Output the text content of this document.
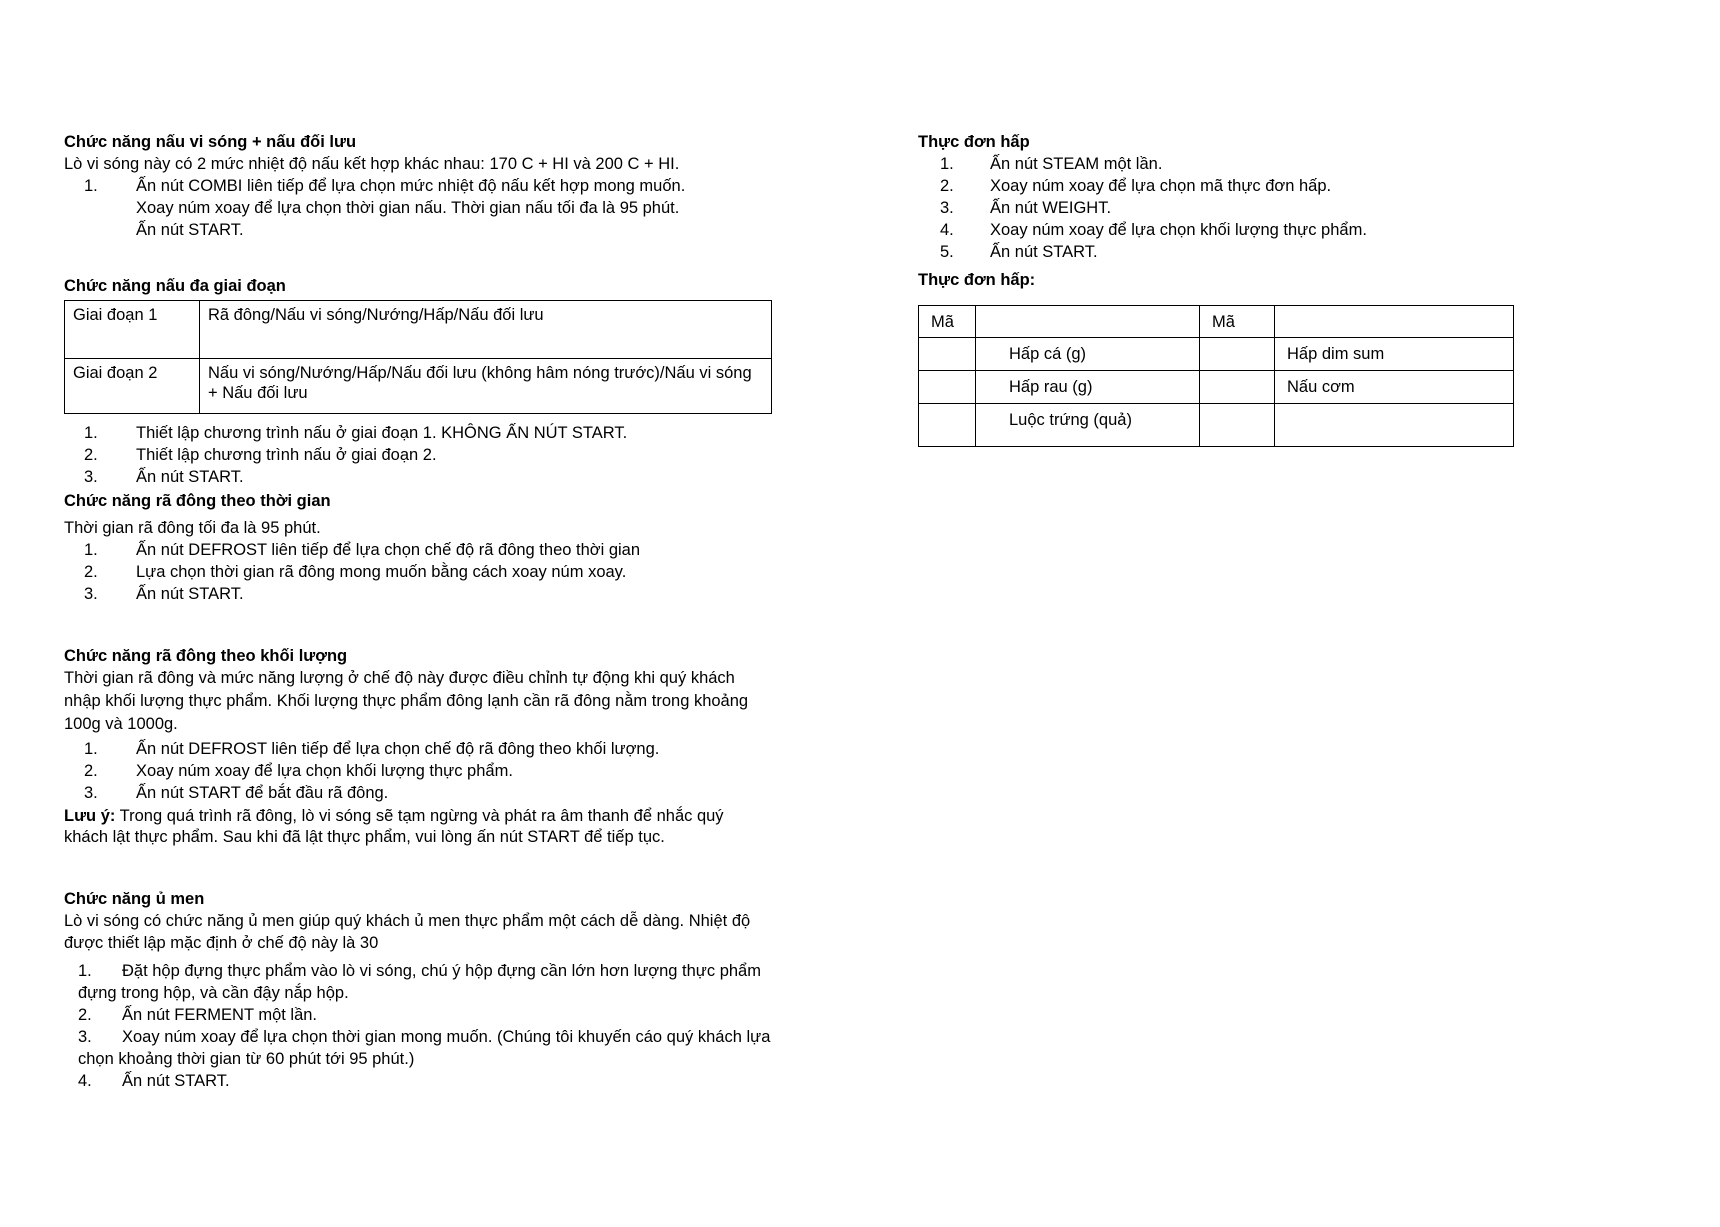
Chức năng nấu vi sóng + nấu đối lưu

Lò vi sóng này có 2 mức nhiệt độ nấu kết hợp khác nhau: 170 C + HI và 200 C + HI.

1.	Ấn nút COMBI liên tiếp để lựa chọn mức nhiệt độ nấu kết hợp mong muốn.

Xoay núm xoay để lựa chọn thời gian nấu. Thời gian nấu tối đa là 95 phút.

Ấn nút START.

Chức năng nấu đa giai đoạn
Giai đoạn 1	Rã đông/Nấu vi sóng/Nướng/Hấp/Nấu đối lưu
Giai đoạn 2	Nấu vi sóng/Nướng/Hấp/Nấu đối lưu (không hâm nóng trước)/Nấu vi sóng + Nấu đối lưu
1.	Thiết lập chương trình nấu ở giai đoạn 1. KHÔNG ẤN NÚT START.
2.	Thiết lập chương trình nấu ở giai đoạn 2.
3.	Ấn nút START.
Chức năng rã đông theo thời gian

Thời gian rã đông tối đa là 95 phút.

1.	Ấn nút DEFROST liên tiếp để lựa chọn chế độ rã đông theo thời gian
2.	Lựa chọn thời gian rã đông mong muốn bằng cách xoay núm xoay.
3.	Ấn nút START.
Chức năng rã đông theo khối lượng

Thời gian rã đông và mức năng lượng ở chế độ này được điều chỉnh tự động khi quý khách nhập khối lượng thực phẩm. Khối lượng thực phẩm đông lạnh cần rã đông nằm trong khoảng 100g và 1000g.

1.	Ấn nút DEFROST liên tiếp để lựa chọn chế độ rã đông theo khối lượng.
2.	Xoay núm xoay để lựa chọn khối lượng thực phẩm.
3.	Ấn nút START để bắt đầu rã đông.

Lưu ý: Trong quá trình rã đông, lò vi sóng sẽ tạm ngừng và phát ra âm thanh để nhắc quý khách lật thực phẩm. Sau khi đã lật thực phẩm, vui lòng ấn nút START để tiếp tục.

Chức năng ủ men

Lò vi sóng có chức năng ủ men giúp quý khách ủ men thực phẩm một cách dễ dàng. Nhiệt độ được thiết lập mặc định ở chế độ này là 30

1. Đặt hộp đựng thực phẩm vào lò vi sóng, chú ý hộp đựng cần lớn hơn lượng thực phẩm đựng trong hộp, và cần đậy nắp hộp.
2. Ấn nút FERMENT một lần.
3. Xoay núm xoay để lựa chọn thời gian mong muốn. (Chúng tôi khuyến cáo quý khách lựa chọn khoảng thời gian từ 60 phút tới 95 phút.)
4. Ấn nút START.
Thực đơn hấp
1.	Ấn nút STEAM một lần.
2.	Xoay núm xoay để lựa chọn mã thực đơn hấp.
3.	Ấn nút WEIGHT.
4.	Xoay núm xoay để lựa chọn khối lượng thực phẩm.
5.	Ấn nút START.
Thực đơn hấp:
Mã		Mã	
	Hấp cá (g)		Hấp dim sum
	Hấp rau (g)		Nấu cơm
	Luộc trứng (quả)		
